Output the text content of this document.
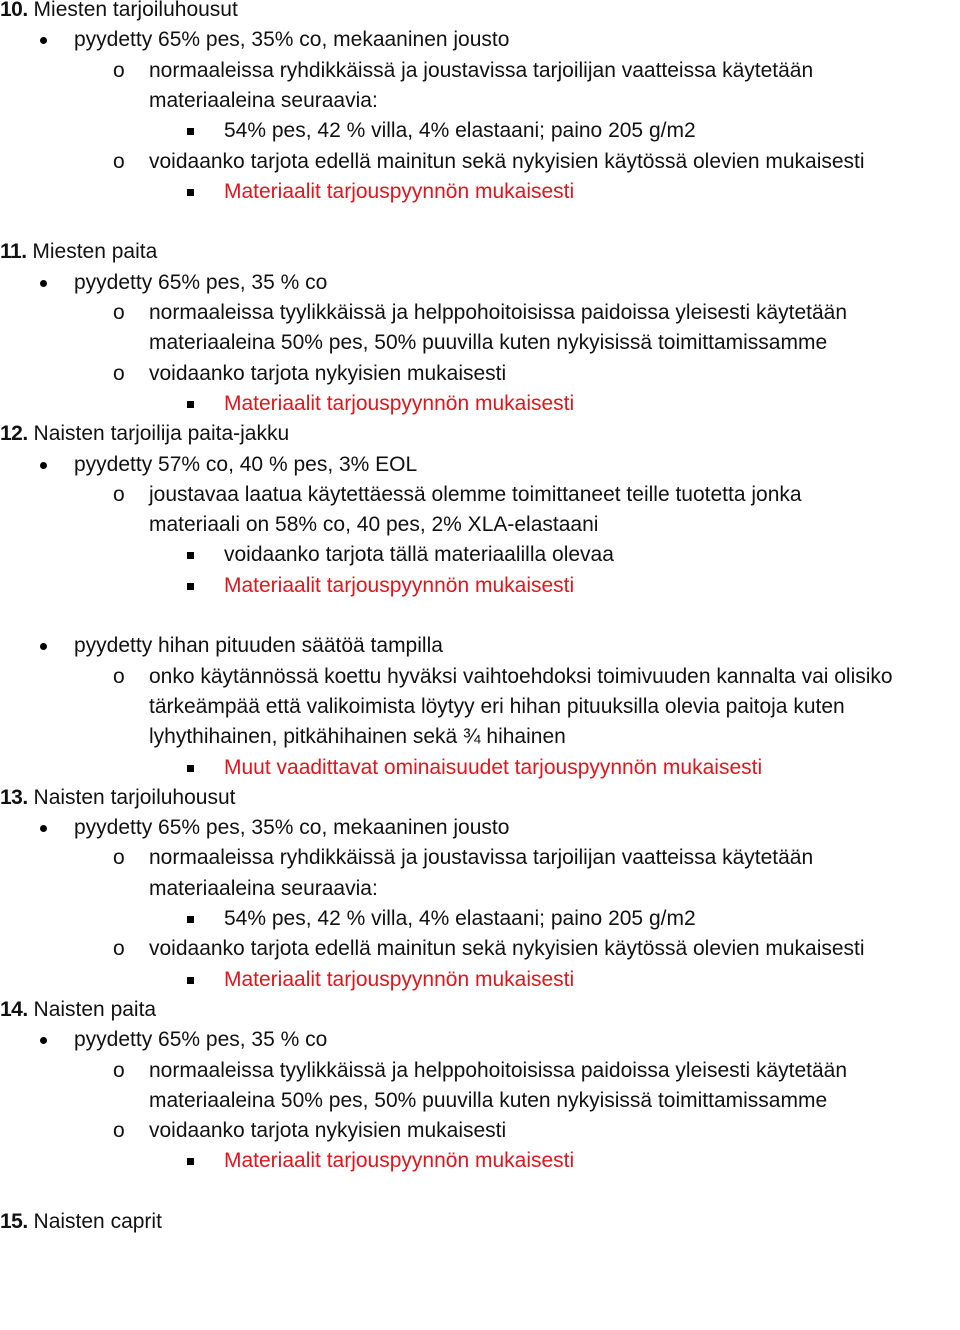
10. Miesten tarjoiluhousut
pyydetty 65% pes, 35% co, mekaaninen jousto
o normaaleissa ryhdikkäissä ja joustavissa tarjoilijan vaatteissa käytetään
materiaaleina seuraavia:
54% pes, 42 % villa, 4% elastaani; paino 205 g/m2
o voidaanko tarjota edellä mainitun sekä nykyisien käytössä olevien mukaisesti
Materiaalit tarjouspyynnön mukaisesti
11. Miesten paita
pyydetty 65% pes, 35 % co
o normaaleissa tyylikkäissä ja helppohoitoisissa paidoissa yleisesti käytetään
materiaaleina 50% pes, 50% puuvilla kuten nykyisissä toimittamissamme
o voidaanko tarjota nykyisien mukaisesti
Materiaalit tarjouspyynnön mukaisesti
12. Naisten tarjoilija paita-jakku
pyydetty 57% co, 40 % pes, 3% EOL
o joustavaa laatua käytettäessä olemme toimittaneet teille tuotetta jonka
materiaali on 58% co, 40 pes, 2% XLA-elastaani
voidaanko tarjota tällä materiaalilla olevaa
Materiaalit tarjouspyynnön mukaisesti
pyydetty hihan pituuden säätöä tampilla
o onko käytännössä koettu hyväksi vaihtoehdoksi toimivuuden kannalta vai olisiko
tärkeämpää että valikoimista löytyy eri hihan pituuksilla olevia paitoja kuten
lyhythihainen, pitkähihainen sekä ¾ hihainen
Muut vaadittavat ominaisuudet tarjouspyynnön mukaisesti
13. Naisten tarjoiluhousut
pyydetty 65% pes, 35% co, mekaaninen jousto
o normaaleissa ryhdikkäissä ja joustavissa tarjoilijan vaatteissa käytetään
materiaaleina seuraavia:
54% pes, 42 % villa, 4% elastaani; paino 205 g/m2
o voidaanko tarjota edellä mainitun sekä nykyisien käytössä olevien mukaisesti
Materiaalit tarjouspyynnön mukaisesti
14. Naisten paita
pyydetty 65% pes, 35 % co
o normaaleissa tyylikkäissä ja helppohoitoisissa paidoissa yleisesti käytetään
materiaaleina 50% pes, 50% puuvilla kuten nykyisissä toimittamissamme
o voidaanko tarjota nykyisien mukaisesti
Materiaalit tarjouspyynnön mukaisesti
15. Naisten caprit
